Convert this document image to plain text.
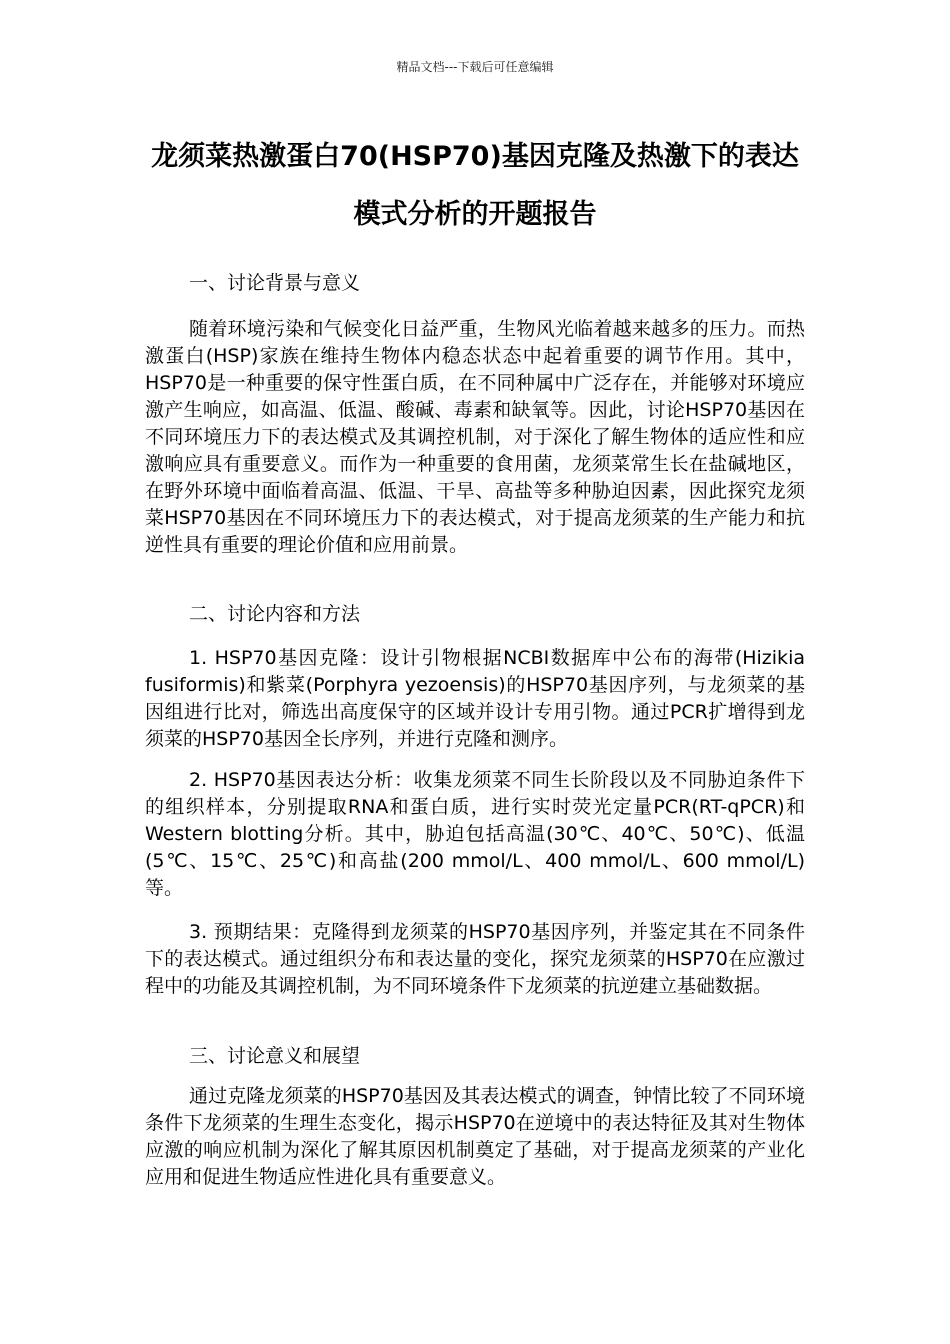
精品文档---下载后可任意编辑
龙须菜热激蛋白70(HSP70)基因克隆及热激下的表达模式分析的开题报告

一、讨论背景与意义

随着环境污染和气候变化日益严重，生物风光临着越来越多的压力。而热激蛋白(HSP)家族在维持生物体内稳态状态中起着重要的调节作用。其中，HSP70是一种重要的保守性蛋白质，在不同种属中广泛存在，并能够对环境应激产生响应，如高温、低温、酸碱、毒素和缺氧等。因此，讨论HSP70基因在不同环境压力下的表达模式及其调控机制，对于深化了解生物体的适应性和应激响应具有重要意义。而作为一种重要的食用菌，龙须菜常生长在盐碱地区，在野外环境中面临着高温、低温、干旱、高盐等多种胁迫因素，因此探究龙须菜HSP70基因在不同环境压力下的表达模式，对于提高龙须菜的生产能力和抗逆性具有重要的理论价值和应用前景。

二、讨论内容和方法

1. HSP70基因克隆：设计引物根据NCBI数据库中公布的海带(Hizikia fusiformis)和紫菜(Porphyra yezoensis)的HSP70基因序列，与龙须菜的基因组进行比对，筛选出高度保守的区域并设计专用引物。通过PCR扩增得到龙须菜的HSP70基因全长序列，并进行克隆和测序。

2. HSP70基因表达分析：收集龙须菜不同生长阶段以及不同胁迫条件下的组织样本，分别提取RNA和蛋白质，进行实时荧光定量PCR(RT-qPCR)和Western blotting分析。其中，胁迫包括高温(30℃、40℃、50℃)、低温(5℃、15℃、25℃)和高盐(200 mmol/L、400 mmol/L、600 mmol/L)等。

3. 预期结果：克隆得到龙须菜的HSP70基因序列，并鉴定其在不同条件下的表达模式。通过组织分布和表达量的变化，探究龙须菜的HSP70在应激过程中的功能及其调控机制，为不同环境条件下龙须菜的抗逆建立基础数据。

三、讨论意义和展望

通过克隆龙须菜的HSP70基因及其表达模式的调查，钟情比较了不同环境条件下龙须菜的生理生态变化，揭示HSP70在逆境中的表达特征及其对生物体应激的响应机制为深化了解其原因机制奠定了基础，对于提高龙须菜的产业化应用和促进生物适应性进化具有重要意义。
